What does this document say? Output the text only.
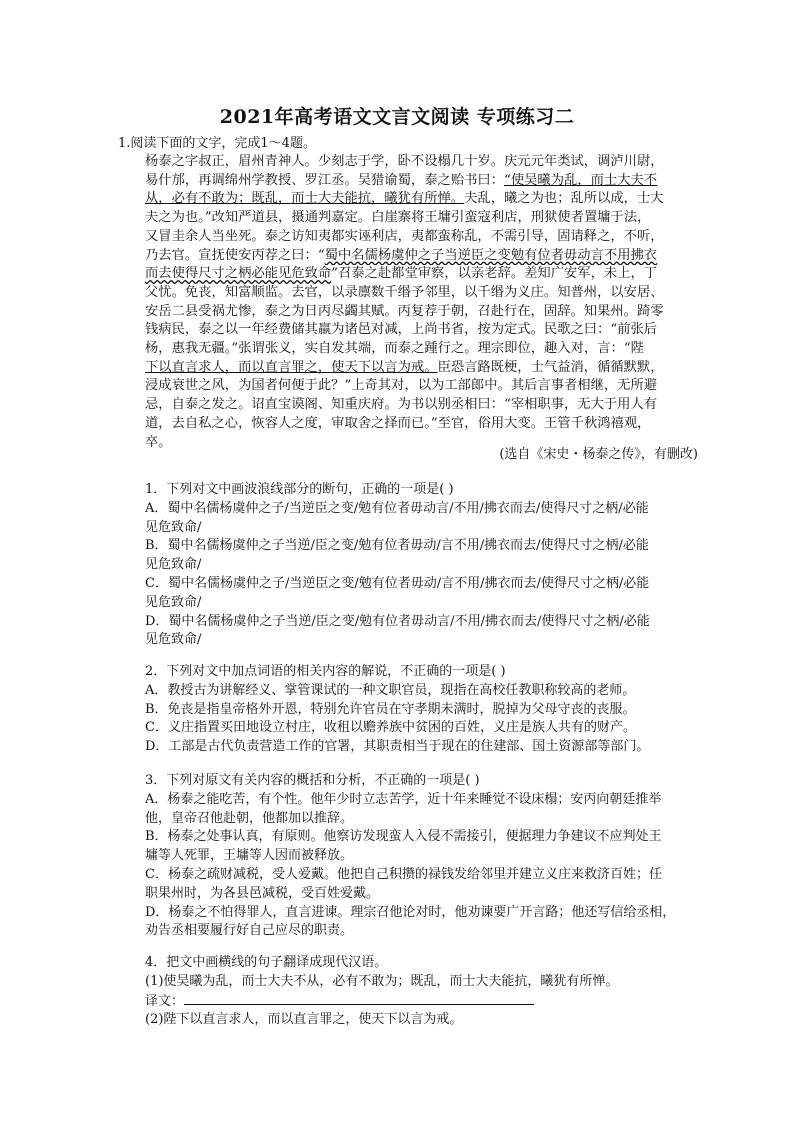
2021年高考语文文言文阅读 专项练习二
1.阅读下面的文字，完成1～4题。
杨泰之字叔正，眉州青神人。少刻志于学，卧不设榻几十岁。庆元元年类试，调泸川尉，
易什邡，再调绵州学教授、罗江丞。吴猎谕蜀，泰之贻书曰：“使吴曦为乱，而士大夫不
从，必有不敢为；既乱，而士大夫能抗，曦犹有所惮。夫乱，曦之为也；乱所以成，士大
夫之为也。”改知严道县，摄通判嘉定。白崖寨将王墉引蛮寇利店，刑狱使者置墉于法，
又冒圭余人当坐死。泰之访知夷都实诬利店，夷都蛮称乱，不需引导，固请释之，不听，
乃去官。宣抚使安丙荐之曰：“蜀中名儒杨虞仲之子当逆臣之变勉有位者毋动言不用拂衣
而去使得尺寸之柄必能见危致命”召泰之赴都堂审察，以亲老辞。差知广安军，未上，丁
父忧。免丧，知富顺监。去官，以录廪数千缗予邻里，以千缗为义庄。知普州，以安居、
安岳二县受祸尤惨，泰之为日丙尽蠲其赋。丙复荐于朝，召赴行在，固辞。知果州。踦零
钱病民，泰之以一年经费储其羸为诸邑对减，上尚书省，按为定式。民歌之曰：“前张后
杨，惠我无疆。”张谓张义，实自发其端，而泰之踵行之。理宗即位，趣入对，言：“陛
下以直言求人，而以直言罪之，使天下以言为戒。臣恐言路既梗，士气益消，循循默默，
浸成衰世之风，为国者何便于此？”上奇其对，以为工部郎中。其后言事者相继，无所避
忌，自泰之发之。诏直宝谟阁、知重庆府。为书以别丞相曰：“宰相职事，无大于用人有
道，去自私之心，恢容人之度，审取舍之择而已。”至官，俗用大变。王管千秋鸿禧观，
卒。
(选自《宋史・杨泰之传》，有删改)
1．下列对文中画波浪线部分的断句，正确的一项是( )
A．蜀中名儒杨虞仲之子/当逆臣之变/勉有位者毋动言/不用/拂衣而去/使得尺寸之柄/必能
见危致命/
B．蜀中名儒杨虞仲之子当逆/臣之变/勉有位者毋动/言不用/拂衣而去/使得尺寸之柄/必能
见危致命/
C．蜀中名儒杨虞仲之子/当逆臣之变/勉有位者毋动/言不用/拂衣而去/使得尺寸之柄/必能
见危致命/
D．蜀中名儒杨虞仲之子当逆/臣之变/勉有位者毋动言/不用/拂衣而去/使得尺寸之柄/必能
见危致命/
2．下列对文中加点词语的相关内容的解说，不正确的一项是( )
A．教授古为讲解经义、掌管课试的一种文职官员，现指在高校任教职称较高的老师。
B．免丧是指皇帝格外开恩，特别允许官员在守孝期未满时，脱掉为父母守丧的丧服。
C．义庄指置买田地设立村庄，收租以赡养族中贫困的百姓，义庄是族人共有的财产。
D．工部是古代负责营造工作的官署，其职责相当于现在的住建部、国土资源部等部门。
3．下列对原文有关内容的概括和分析，不正确的一项是( )
A．杨泰之能吃苦，有个性。他年少时立志苦学，近十年来睡觉不设床榻；安丙向朝廷推举
他，皇帝召他赴朝，他都加以推辞。
B．杨泰之处事认真，有原则。他察访发现蛮人入侵不需接引，便据理力争建议不应判处王
墉等人死罪，王墉等人因而被释放。
C．杨泰之疏财减税，受人爱戴。他把自己积攒的禄钱发给邻里并建立义庄来救济百姓；任
职果州时，为各县邑减税，受百姓爱戴。
D．杨泰之不怕得罪人，直言进谏。理宗召他论对时，他劝谏要广开言路；他还写信给丞相，
劝告丞相要履行好自己应尽的职责。
4．把文中画横线的句子翻译成现代汉语。
(1)使吴曦为乱，而士大夫不从，必有不敢为；既乱，而士大夫能抗，曦犹有所惮。
译文：
(2)陛下以直言求人，而以直言罪之，使天下以言为戒。
